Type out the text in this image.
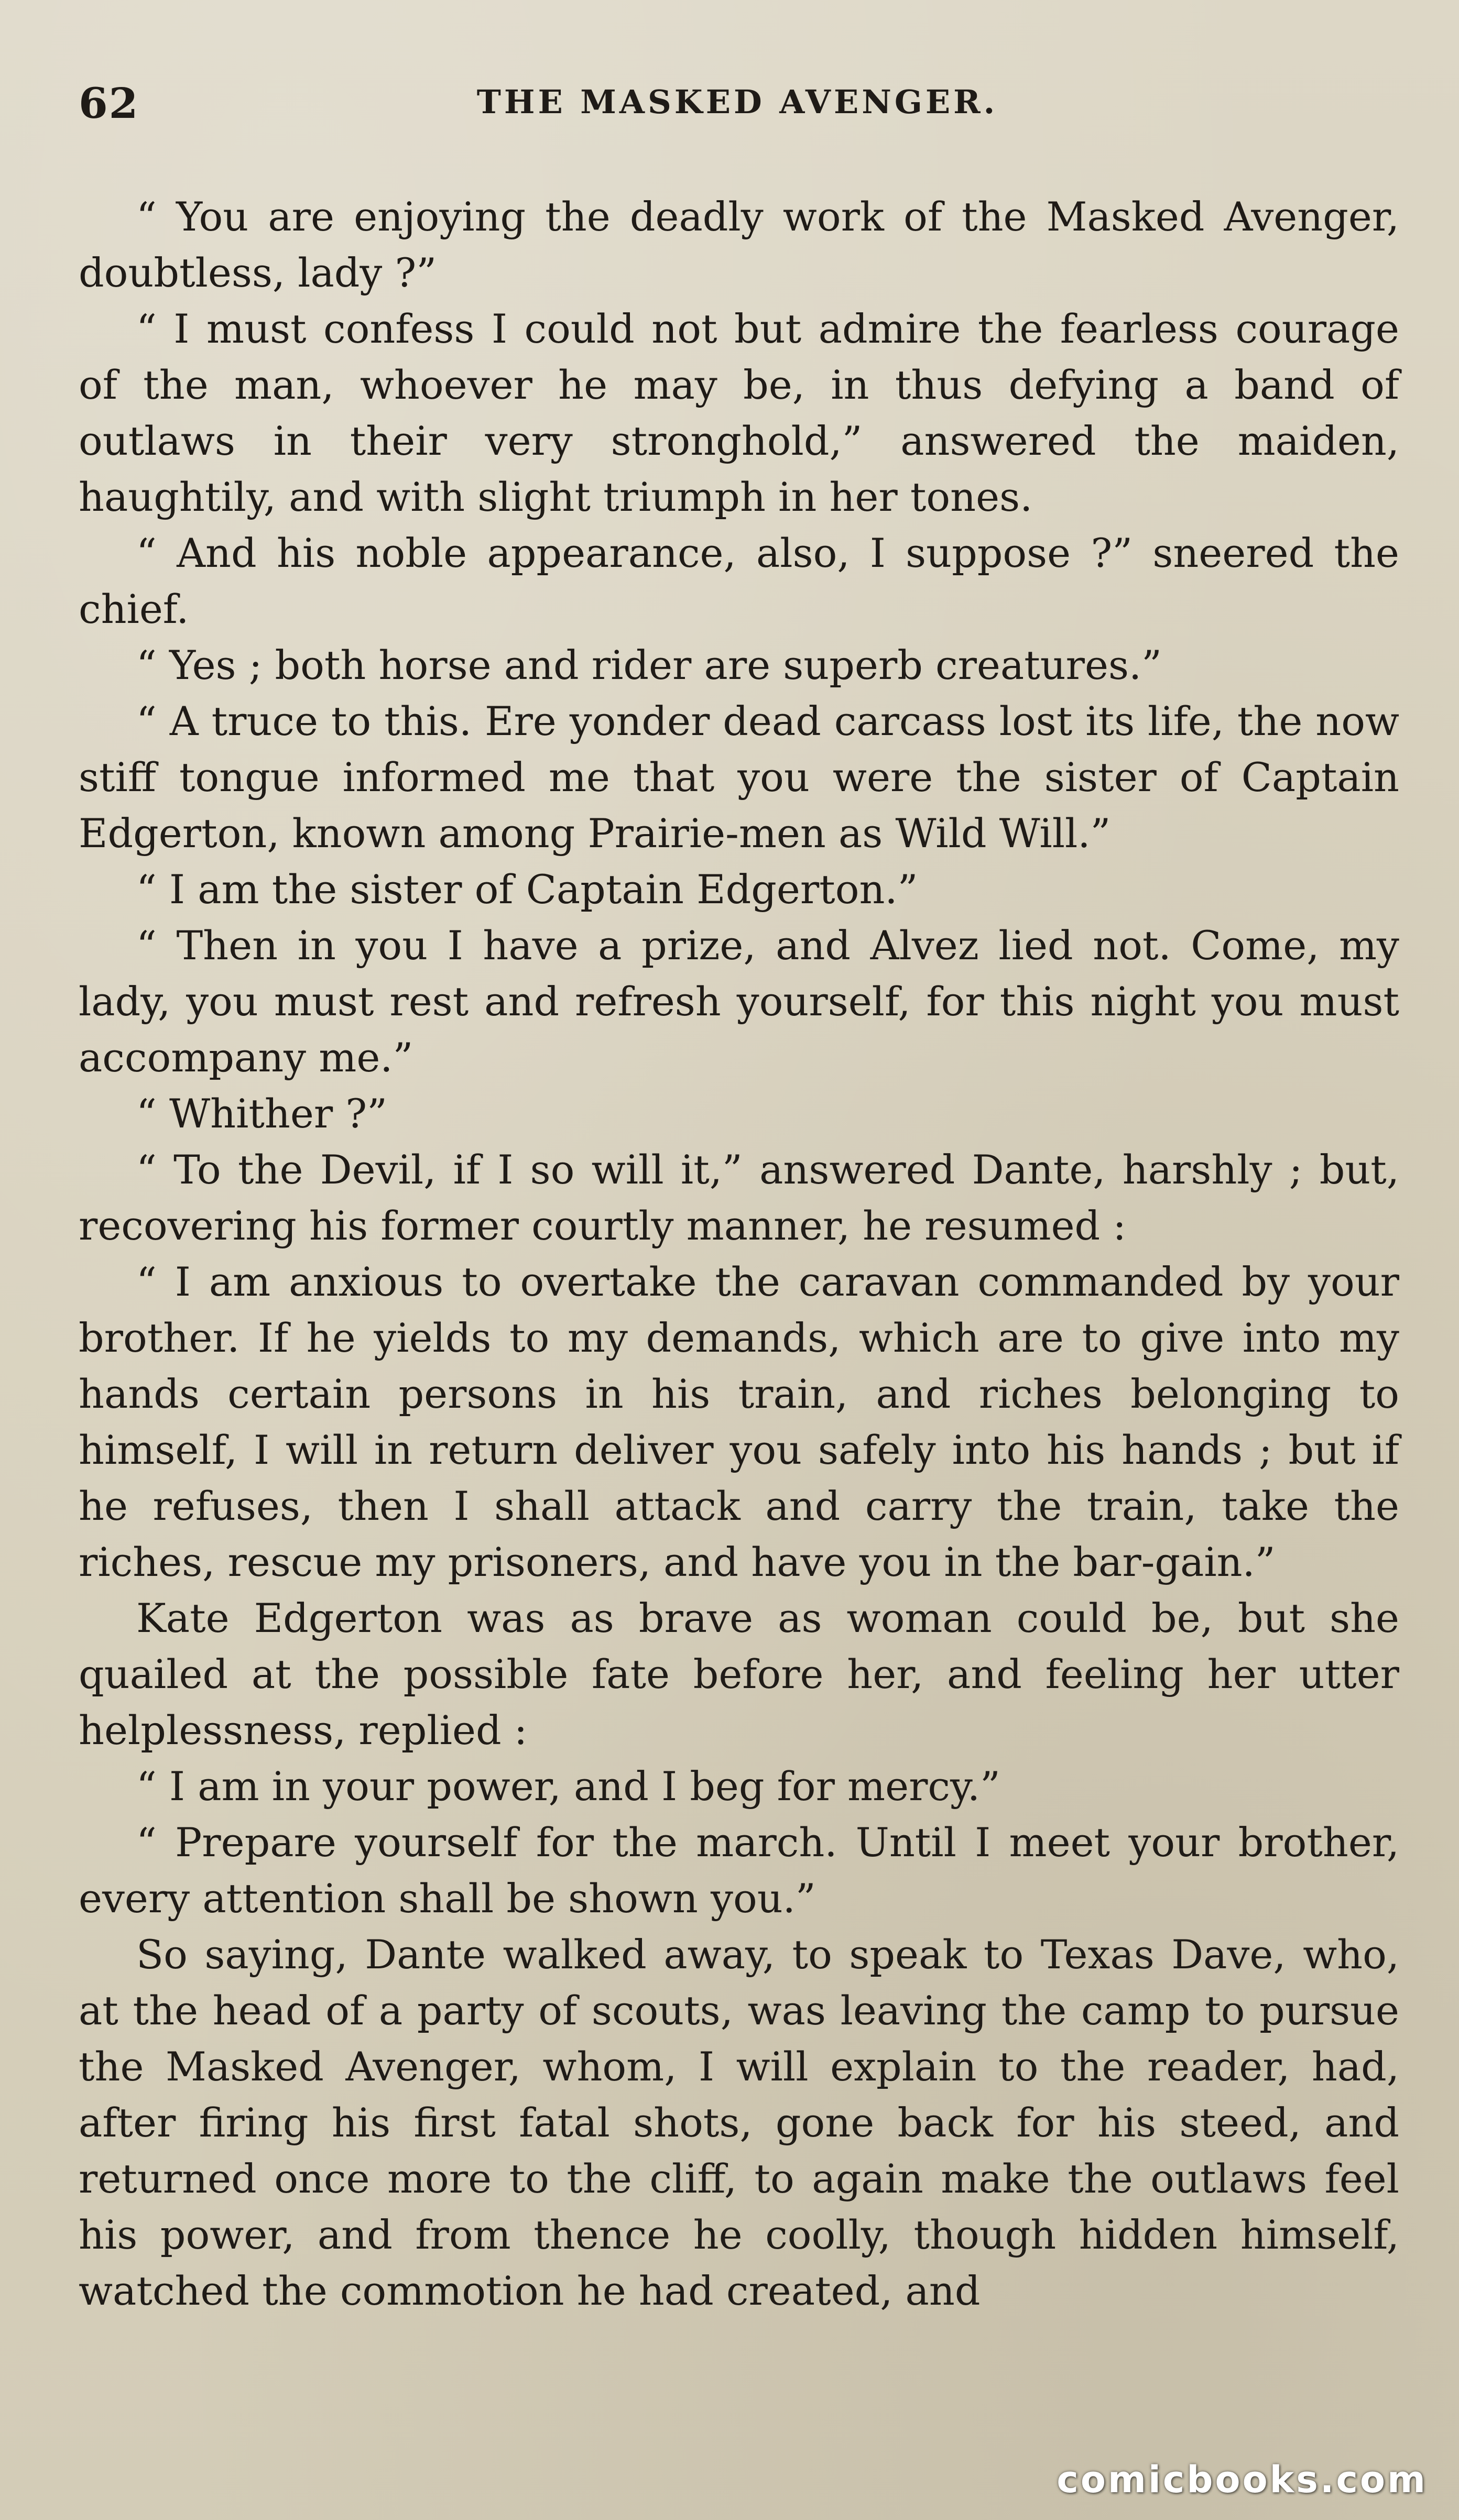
62	THE MASKED AVENGER.

“ You are enjoying the deadly work of the Masked Avenger, doubtless, lady ?”

“ I must confess I could not but admire the fearless courage of the man, whoever he may be, in thus defying a band of outlaws in their very stronghold,” answered the maiden, haughtily, and with slight triumph in her tones.

“ And his noble appearance, also, I suppose ?” sneered the chief.

“ Yes ; both horse and rider are superb creatures.”

“ A truce to this. Ere yonder dead carcass lost its life, the now stiff tongue informed me that you were the sister of Captain Edgerton, known among Prairie-men as Wild Will.”

“ I am the sister of Captain Edgerton.”

“ Then in you I have a prize, and Alvez lied not. Come, my lady, you must rest and refresh yourself, for this night you must accompany me.”

“ Whither ?”

“ To the Devil, if I so will it,” answered Dante, harshly ; but, recovering his former courtly manner, he resumed :

“ I am anxious to overtake the caravan commanded by your brother. If he yields to my demands, which are to give into my hands certain persons in his train, and riches belonging to himself, I will in return deliver you safely into his hands ; but if he refuses, then I shall attack and carry the train, take the riches, rescue my prisoners, and have you in the bar-gain.”

Kate Edgerton was as brave as woman could be, but she quailed at the possible fate before her, and feeling her utter helplessness, replied :

“ I am in your power, and I beg for mercy.”

“ Prepare yourself for the march. Until I meet your brother, every attention shall be shown you.”

So saying, Dante walked away, to speak to Texas Dave, who, at the head of a party of scouts, was leaving the camp to pursue the Masked Avenger, whom, I will explain to the reader, had, after firing his first fatal shots, gone back for his steed, and returned once more to the cliff, to again make the outlaws feel his power, and from thence he coolly, though hidden himself, watched the commotion he had created, and

comicbooks.com
